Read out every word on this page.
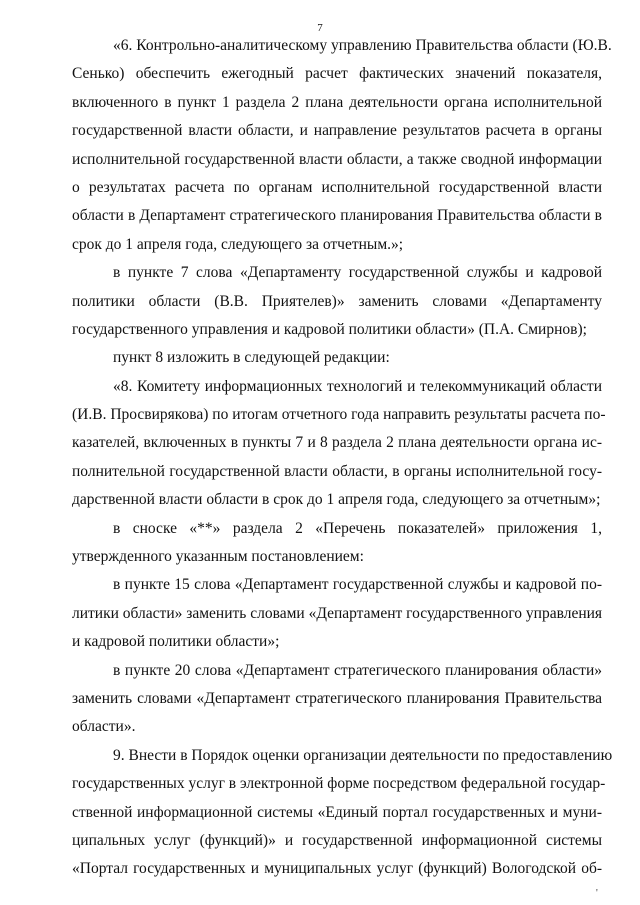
7
«6. Контрольно-аналитическому управлению Правительства области (Ю.В.
Сенько) обеспечить ежегодный расчет фактических значений показателя,
включенного в пункт 1 раздела 2 плана деятельности органа исполнительной
государственной власти области, и направление результатов расчета в органы
исполнительной государственной власти области, а также сводной информации
о результатах расчета по органам исполнительной государственной власти
области в Департамент стратегического планирования Правительства области в
срок до 1 апреля года, следующего за отчетным.»;
в пункте 7 слова «Департаменту государственной службы и кадровой
политики области (В.В. Приятелев)» заменить словами «Департаменту
государственного управления и кадровой политики области» (П.А. Смирнов);
пункт 8 изложить в следующей редакции:
«8. Комитету информационных технологий и телекоммуникаций области
(И.В. Просвирякова) по итогам отчетного года направить результаты расчета по-
казателей, включенных в пункты 7 и 8 раздела 2 плана деятельности органа ис-
полнительной государственной власти области, в органы исполнительной госу-
дарственной власти области в срок до 1 апреля года, следующего за отчетным»;
в сноске «**» раздела 2 «Перечень показателей» приложения 1,
утвержденного указанным постановлением:
в пункте 15 слова «Департамент государственной службы и кадровой по-
литики области» заменить словами «Департамент государственного управления
и кадровой политики области»;
в пункте 20 слова «Департамент стратегического планирования области»
заменить словами «Департамент стратегического планирования Правительства
области».
9. Внести в Порядок оценки организации деятельности по предоставлению
государственных услуг в электронной форме посредством федеральной государ-
ственной информационной системы «Единый портал государственных и муни-
ципальных услуг (функций)» и государственной информационной системы
«Портал государственных и муниципальных услуг (функций) Вологодской об-
'
